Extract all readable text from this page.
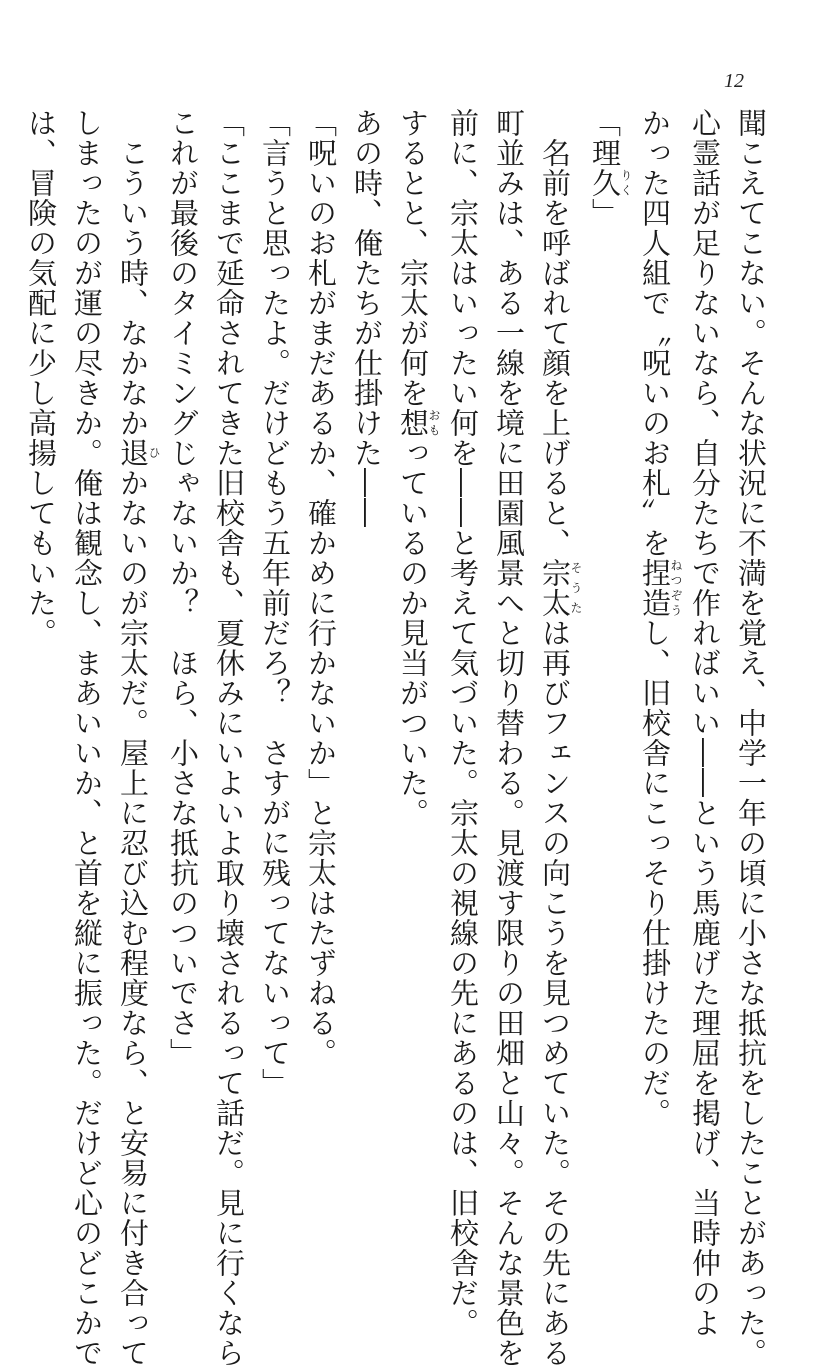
12
聞こえてこない。そんな状況に不満を覚え、中学一年の頃に小さな抵抗をしたことがあった。
心霊話が足りないなら、自分たちで作ればいい――という馬鹿げた理屈を掲げ、当時仲のよ
かった四人組で〝呪いのお札〟を捏造ねつぞうし、旧校舎にこっそり仕掛けたのだ。
「理久りく」
　名前を呼ばれて顔を上げると、宗太そうたは再びフェンスの向こうを見つめていた。その先にある
町並みは、ある一線を境に田園風景へと切り替わる。見渡す限りの田畑と山々。そんな景色を
前に、宗太はいったい何を――と考えて気づいた。宗太の視線の先にあるのは、旧校舎だ。
するとと、宗太が何を想おもっているのか見当がついた。
あの時、俺たちが仕掛けた――
「呪いのお札がまだあるか、確かめに行かないか」と宗太はたずねる。
「言うと思ったよ。だけどもう五年前だろ？　さすがに残ってないって」
「ここまで延命されてきた旧校舎も、夏休みにいよいよ取り壊されるって話だ。見に行くなら
これが最後のタイミングじゃないか？　ほら、小さな抵抗のついでさ」
　こういう時、なかなか退ひかないのが宗太だ。屋上に忍び込む程度なら、と安易に付き合って
しまったのが運の尽きか。俺は観念し、まあいいか、と首を縦に振った。だけど心のどこかで
は、冒険の気配に少し高揚してもいた。
